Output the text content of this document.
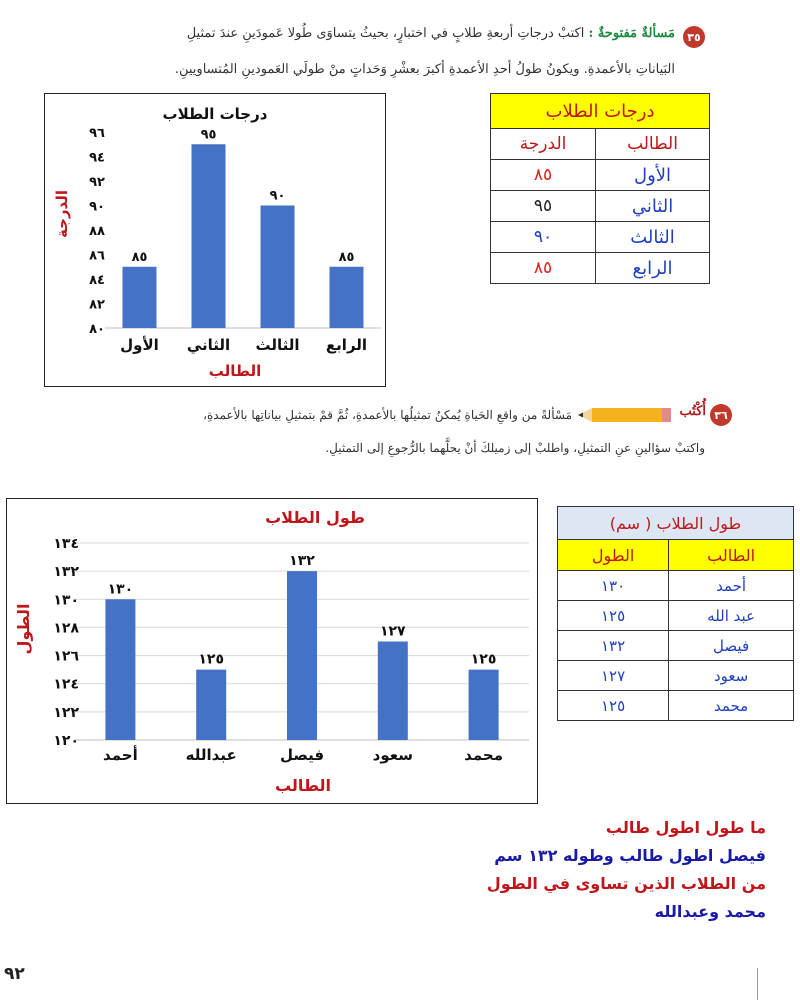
٣٥
مَسألةٌ مَفتوحةٌ : اكتبْ درجاتِ أربعةِ طلابٍ في اختبارٍ، بحيثُ يتساوَى طُولا عَمودَينِ عندَ تمثيلِ
البَياناتِ بالأعمدةِ. ويكونُ طولُ أحدِ الأعمدةِ أكبرَ بعشْرِ وَحَداتٍ منْ طولَي العَمودينِ المُتساويينِ.
درجات الطلاب
٨٠
٨٢
٨٤
٨٦
٨٨
٩٠
٩٢
٩٤
٩٦
٨٥
الأول
٩٥
الثاني
٩٠
الثالث
٨٥
الرابع
الطالب
الدرجة
درجات الطلاب	
الطالب	الدرجة
الأول	٨٥
الثاني	٩٥
الثالث	٩٠
الرابع	٨٥
٣٦
أُكْتُب
مَسْألةً من واقعِ الحَياةِ يُمكنُ تمثيلُها بالأعمدةِ، ثُمَّ قمْ بتمثيلِ بياناتِها بالأعمدةِ،
واكتبْ سؤالينِ عنِ التمثيلِ، واطلبْ إلى زميلكَ أنْ يحلَّهما بالرُّجوعِ إلى التمثيلِ.
طول الطلاب
١٢٠
١٢٢
١٢٤
١٢٦
١٢٨
١٣٠
١٣٢
١٣٤
١٣٠
أحمد
١٢٥
عبدالله
١٣٢
فيصل
١٢٧
سعود
١٢٥
محمد
الطالب
الطول
طول الطلاب ( سم)	
الطالب	الطول
أحمد	١٣٠
عبد الله	١٢٥
فيصل	١٣٢
سعود	١٢٧
محمد	١٢٥
ما طول اطول طالب
فيصل اطول طالب وطوله ١٣٢ سم
من الطلاب الذين تساوى في الطول
محمد وعبدالله
٩٢
